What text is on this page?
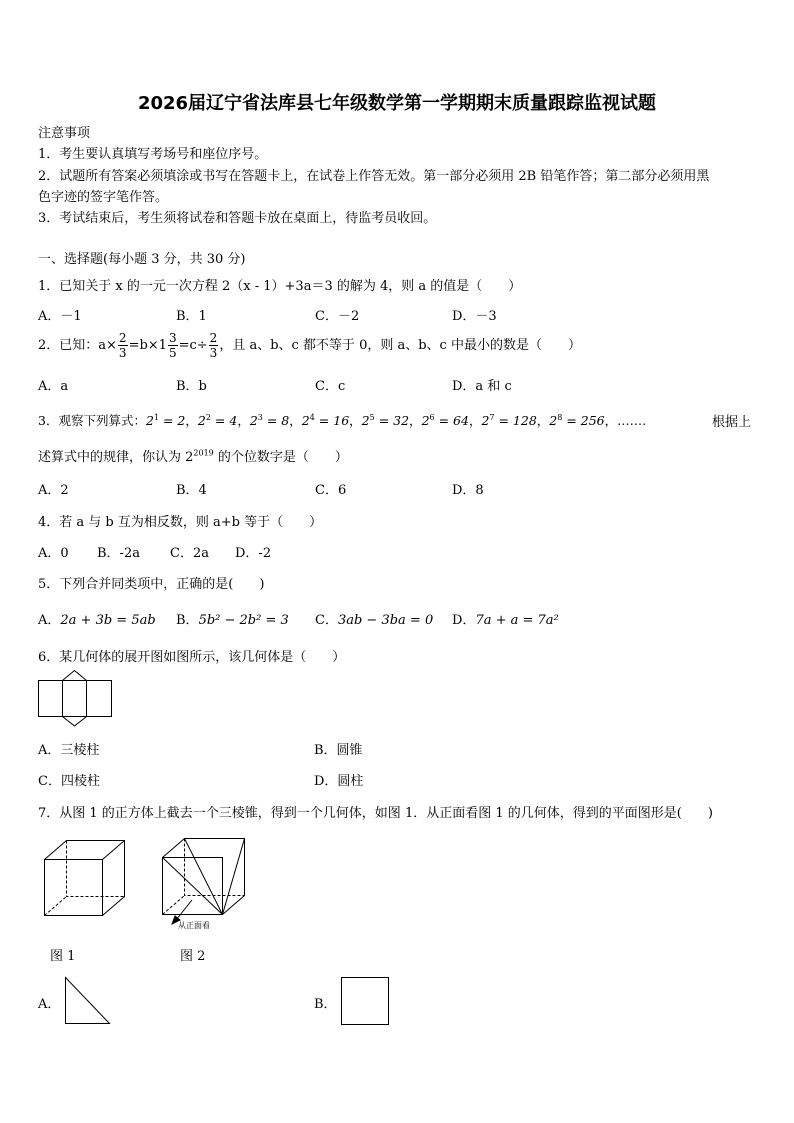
2026届辽宁省法库县七年级数学第一学期期末质量跟踪监视试题
注意事项
1．考生要认真填写考场号和座位序号。
2．试题所有答案必须填涂或书写在答题卡上，在试卷上作答无效。第一部分必须用 2B 铅笔作答；第二部分必须用黑
色字迹的签字笔作答。
3．考试结束后，考生须将试卷和答题卡放在桌面上，待监考员收回。
一、选择题(每小题 3 分，共 30 分)
1．已知关于 x 的一元一次方程 2（x - 1）+3a＝3 的解为 4，则 a 的值是（　　）
A．－1	B．1	C．－2	D．－3
2．已知：$a\times \frac{2}{3} =b\times 1 \frac{3}{5} =c\div \frac{2}{3}$ ，且 a、b、c 都不等于 0，则 a、b、c 中最小的数是（　　）
A．a	B．b	C．c	D．a 和 c
3．观察下列算式：$2^1 = 2$，$2^2 = 4$，$2^3 = 8$，$2^4 = 16$，$2^5 = 32$，$2^6 = 64$，$2^7 = 128$，$2^8 = 256$，…….	根据上
述算式中的规律，你认为 $2^{2019}$ 的个位数字是（　　）
A．2	B．4	C．6	D．8
4．若 a 与 b 互为相反数，则 a+b 等于（　　）
A．0 B．-2a C．2a D．-2
5．下列合并同类项中，正确的是(　　)
A．2a + 3b = 5ab B．5b² − 2b² = 3 C．3ab − 3ba = 0 D．7a + a = 7a²
6．某几何体的展开图如图所示，该几何体是（　　）
A．三棱柱	B．圆锥
C．四棱柱	D．圆柱
7．从图 1 的正方体上截去一个三棱锥，得到一个几何体，如图 1．从正面看图 1 的几何体，得到的平面图形是(　　)
图 1
从正面看
图 2
A．	B．
